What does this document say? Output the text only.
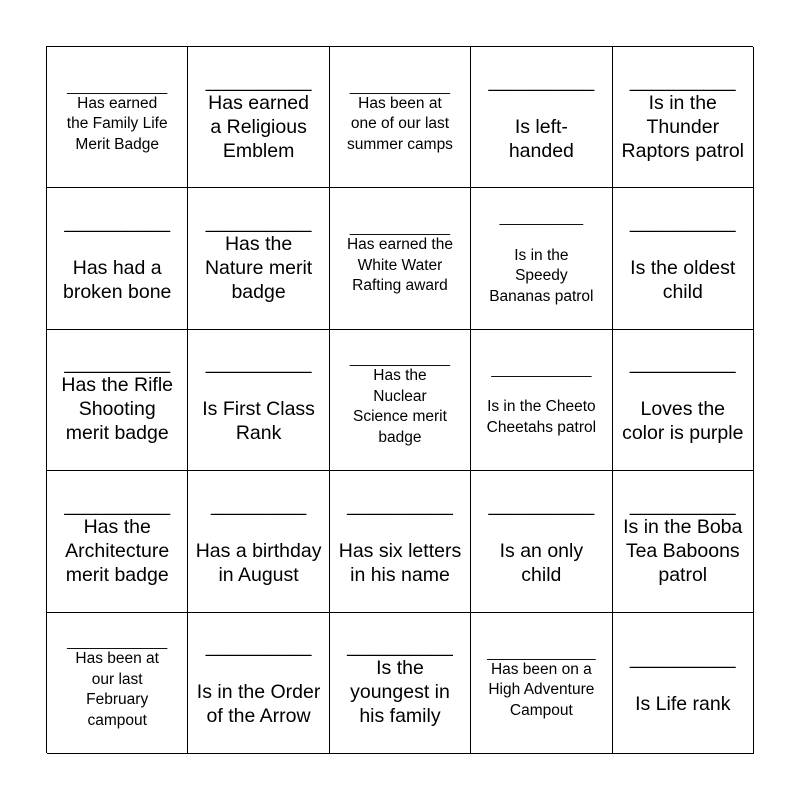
____________
Has earned
the Family Life
Merit Badge
__________
Has earned
a Religious
Emblem
____________
Has been at
one of our last
summer camps
__________

Is left-
handed
__________
Is in the
Thunder
Raptors patrol
__________

Has had a
broken bone
__________
Has the
Nature merit
badge
____________
Has earned the
White Water
Rafting award
__________

Is in the
Speedy
Bananas patrol
__________

Is the oldest
child
__________
Has the Rifle
Shooting
merit badge
__________

Is First Class
Rank
____________
Has the
Nuclear
Science merit
badge
____________

Is in the Cheeto
Cheetahs patrol
__________

Loves the
color is purple
__________
Has the
Architecture
merit badge
_________

Has a birthday
in August
__________

Has six letters
in his name
__________

Is an only
child
__________
Is in the Boba
Tea Baboons
patrol
____________
Has been at
our last
February
campout
__________

Is in the Order
of the Arrow
__________
Is the
youngest in
his family
_____________
Has been on a
High Adventure
Campout
__________

Is Life rank
